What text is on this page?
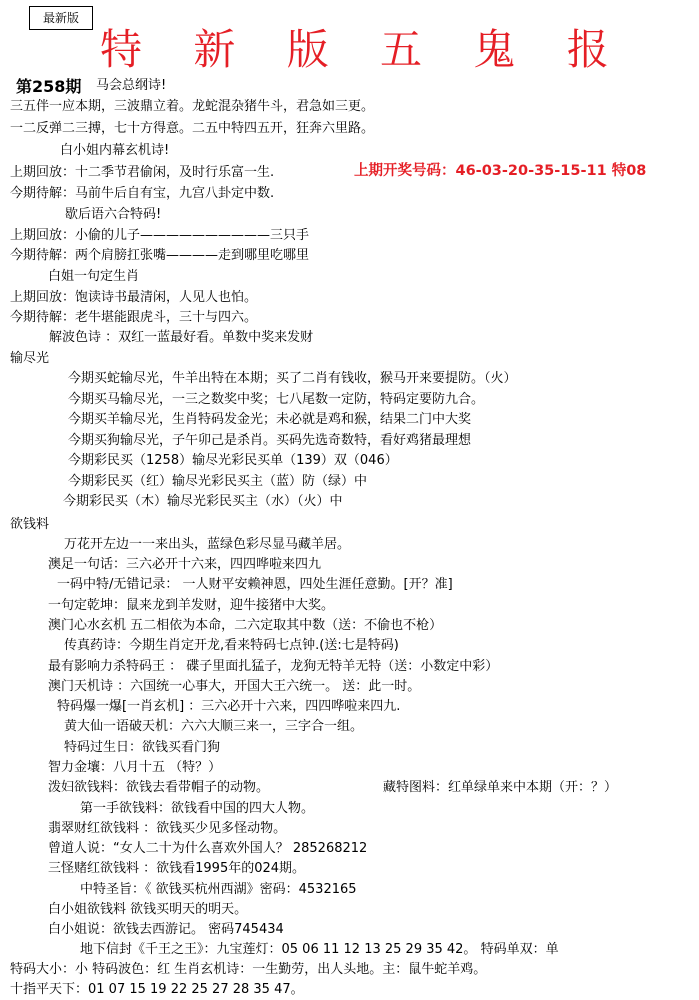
最新版
特 新 版 五 鬼 报
第258期
上期开奖号码：46-03-20-35-15-11 特08
马会总纲诗!
三五伴一应本期，三波鼎立着。龙蛇混杂猪牛斗，君急如三更。
一二反弹二三搏，七十方得意。二五中特四五开，狂奔六里路。
白小姐内幕玄机诗!
上期回放：十二季节君偷闲，及时行乐富一生.
今期待解：马前牛后自有宝，九宫八卦定中数.
歇后语六合特码!
上期回放：小偷的儿子——————————三只手
今期待解：两个肩膀扛张嘴————走到哪里吃哪里
白姐一句定生肖
上期回放：饱读诗书最清闲，人见人也怕。
今期待解：老牛堪能跟虎斗，三十与四六。
解波色诗 ：双红一蓝最好看。单数中奖来发财
输尽光
今期买蛇输尽光，牛羊出特在本期；买了二肖有钱收，猴马开来要提防。（火）
今期买马输尽光，一三之数奖中奖；七八尾数一定防，特码定要防九合。
今期买羊输尽光，生肖特码发金光；未必就是鸡和猴，结果二门中大奖
今期买狗输尽光，子午卯己是杀肖。买码先选奇数特，看好鸡猪最理想
今期彩民买（1258）输尽光彩民买单（139）双（046）
今期彩民买（红）输尽光彩民买主（蓝）防（绿）中
今期彩民买（木）输尽光彩民买主（水）（火）中
欲钱料
万花开左边一一来出头，蓝绿色彩尽显马藏羊居。
澳足一句话：三六必开十六来，四四哗啦来四九
一码中特/无错记录： 一人财平安赖神恩，四处生涯任意勤。[开？准]
一句定乾坤：鼠来龙到羊发财，迎牛接猪中大奖。
澳门心水玄机 五二相依为本命，二六定取其中数（送：不偷也不枪）
传真药诗：今期生肖定开龙,看来特码七点钟.(送:七是特码)
最有影响力杀特码王 ： 碟子里面扎猛子，龙狗无特羊无特（送：小数定中彩）
澳门天机诗 ：六国统一心事大，开国大王六统一。 送：此一时。
特码爆一爆[一肖玄机] ：三六必开十六来，四四哗啦来四九.
黄大仙一语破天机：六六大顺三来一，三字合一组。
特码过生日：欲钱买看门狗
智力金壤：八月十五 （特？）
泼妇欲钱料：欲钱去看带帽子的动物。	藏特图料：红单绿单来中本期（开：？）
第一手欲钱料：欲钱看中国的四大人物。
翡翠财红欲钱料 ：欲钱买少见多怪动物。
曾道人说：“女人二十为什么喜欢外国人？ 285268212
三怪赌红欲钱料 ：欲钱看1995年的024期。
中特圣旨：《 欲钱买杭州西湖》密码：4532165
白小姐欲钱料 欲钱买明天的明天。
白小姐说：欲钱去西游记。 密码745434
地下信封《千王之王》：九宝莲灯：05 06 11 12 13 25 29 35 42。 特码单双：单
特码大小：小 特码波色：红 生肖玄机诗：一生勤劳，出人头地。主：鼠牛蛇羊鸡。
十指平天下：01 07 15 19 22 25 27 28 35 47。
